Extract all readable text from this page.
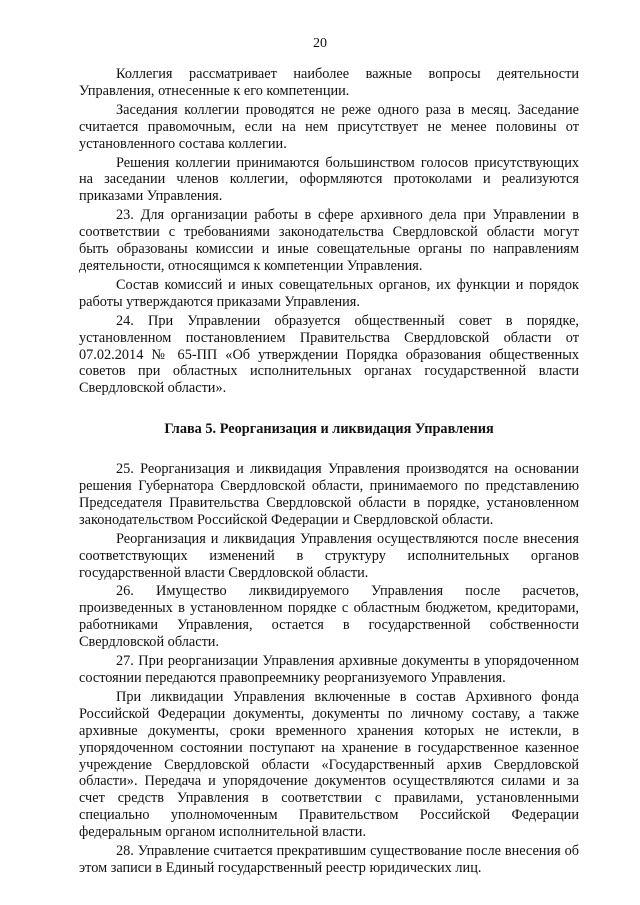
20

Коллегия рассматривает наиболее важные вопросы деятельности Управления, отнесенные к его компетенции.

Заседания коллегии проводятся не реже одного раза в месяц. Заседание считается правомочным, если на нем присутствует не менее половины от установленного состава коллегии.

Решения коллегии принимаются большинством голосов присутствующих на заседании членов коллегии, оформляются протоколами и реализуются приказами Управления.

23. Для организации работы в сфере архивного дела при Управлении в соответствии с требованиями законодательства Свердловской области могут быть образованы комиссии и иные совещательные органы по направлениям деятельности, относящимся к компетенции Управления.

Состав комиссий и иных совещательных органов, их функции и порядок работы утверждаются приказами Управления.

24. При Управлении образуется общественный совет в порядке, установленном постановлением Правительства Свердловской области от 07.02.2014 № 65-ПП «Об утверждении Порядка образования общественных советов при областных исполнительных органах государственной власти Свердловской области».

Глава 5. Реорганизация и ликвидация Управления

25. Реорганизация и ликвидация Управления производятся на основании решения Губернатора Свердловской области, принимаемого по представлению Председателя Правительства Свердловской области в порядке, установленном законодательством Российской Федерации и Свердловской области.

Реорганизация и ликвидация Управления осуществляются после внесения соответствующих изменений в структуру исполнительных органов государственной власти Свердловской области.

26. Имущество ликвидируемого Управления после расчетов, произведенных в установленном порядке с областным бюджетом, кредиторами, работниками Управления, остается в государственной собственности Свердловской области.

27. При реорганизации Управления архивные документы в упорядоченном состоянии передаются правопреемнику реорганизуемого Управления.

При ликвидации Управления включенные в состав Архивного фонда Российской Федерации документы, документы по личному составу, а также архивные документы, сроки временного хранения которых не истекли, в упорядоченном состоянии поступают на хранение в государственное казенное учреждение Свердловской области «Государственный архив Свердловской области». Передача и упорядочение документов осуществляются силами и за счет средств Управления в соответствии с правилами, установленными специально уполномоченным Правительством Российской Федерации федеральным органом исполнительной власти.

28. Управление считается прекратившим существование после внесения об этом записи в Единый государственный реестр юридических лиц.
